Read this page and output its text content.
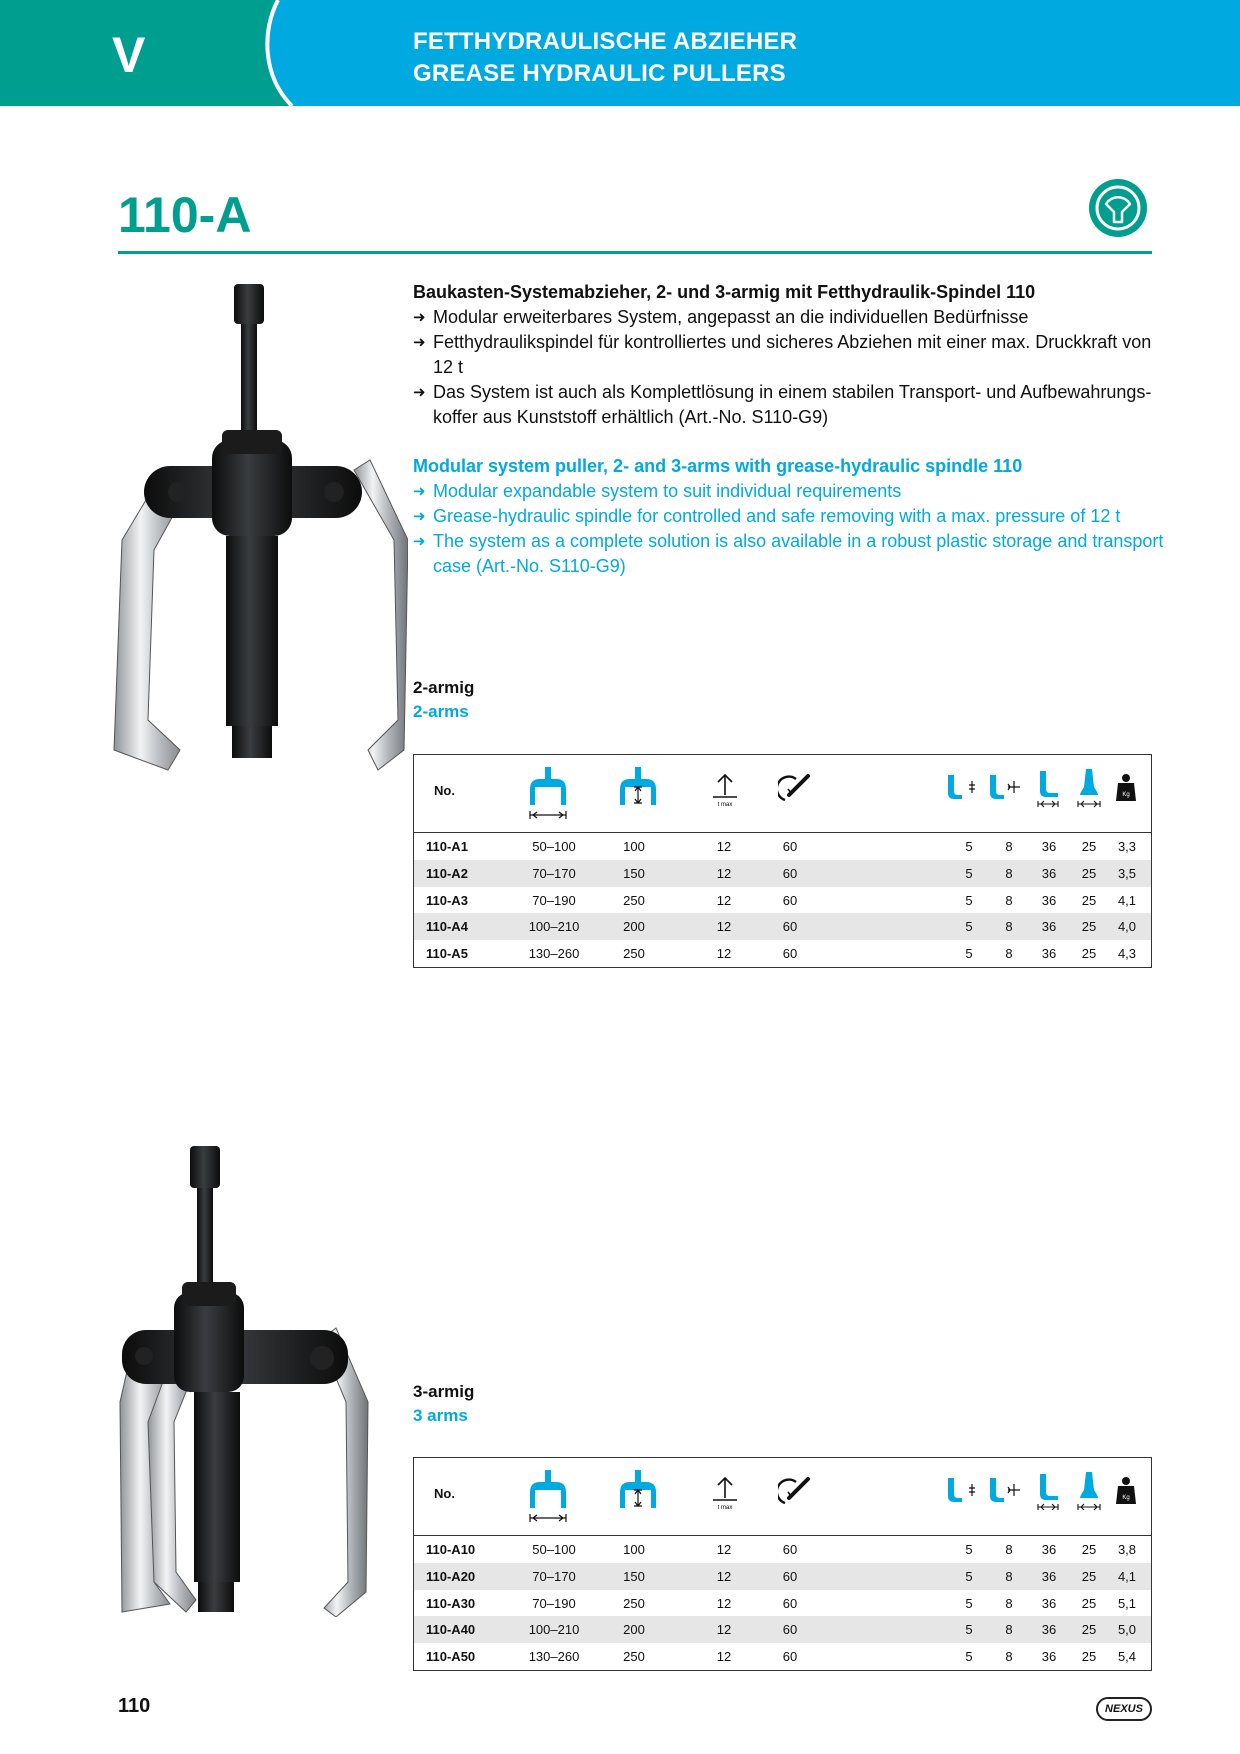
V	FETTHYDRAULISCHE ABZIEHER
GREASE HYDRAULIC PULLERS
110-A
Baukasten-Systemabzieher, 2- und 3-armig mit Fetthydraulik-Spindel 110
➜ Modular erweiterbares System, angepasst an die individuellen Bedürfnisse
➜ Fetthydraulikspindel für kontrolliertes und sicheres Abziehen mit einer max. Druckkraft von 12 t
➜ Das System ist auch als Komplettlösung in einem stabilen Transport- und Aufbewahrungs- koffer aus Kunststoff erhältlich (Art.-No. S110-G9)
Modular system puller, 2- and 3-arms with grease-hydraulic spindle 110
➜ Modular expandable system to suit individual requirements
➜ Grease-hydraulic spindle for controlled and safe removing with a max. pressure of 12 t
➜ The system as a complete solution is also available in a robust plastic storage and transport case (Art.-No. S110-G9)
2-armig
2-arms
No.
t max
Kg
110-A1	50–100	100	12	60	5	8	36	25	3,3
110-A2	70–170	150	12	60	5	8	36	25	3,5
110-A3	70–190	250	12	60	5	8	36	25	4,1
110-A4	100–210	200	12	60	5	8	36	25	4,0
110-A5	130–260	250	12	60	5	8	36	25	4,3
3-armig
3 arms
No.
t max
Kg
110-A10	50–100	100	12	60	5	8	36	25	3,8
110-A20	70–170	150	12	60	5	8	36	25	4,1
110-A30	70–190	250	12	60	5	8	36	25	5,1
110-A40	100–210	200	12	60	5	8	36	25	5,0
110-A50	130–260	250	12	60	5	8	36	25	5,4
110	NEXUS
